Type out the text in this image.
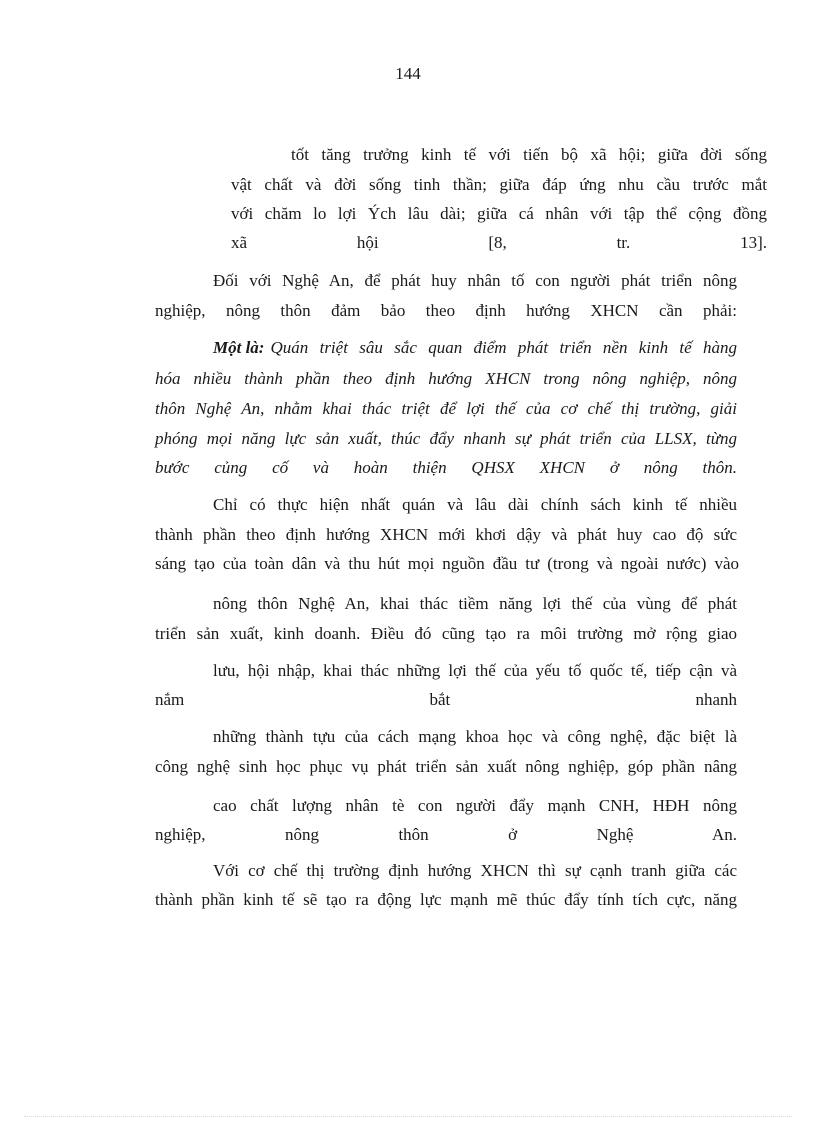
144
tốt tăng trưởng kinh tế với tiến bộ xã hội; giữa đời sống
vật chất và đời sống tinh thần; giữa đáp ứng nhu cầu trước mắt
với chăm lo lợi Ých lâu dài; giữa cá nhân với tập thể cộng đồng
xã hội [8, tr. 13].
Đối với Nghệ An, để phát huy nhân tố con người phát triển nông
nghiệp, nông thôn đảm bảo theo định hướng XHCN cần phải:
Một là: Quán triệt sâu sắc quan điểm phát triển nền kinh tế hàng
hóa nhiều thành phần theo định hướng XHCN trong nông nghiệp, nông
thôn Nghệ An, nhằm khai thác triệt để lợi thế của cơ chế thị trường, giải
phóng mọi năng lực sản xuất, thúc đẩy nhanh sự phát triển của LLSX, từng
bước củng cố và hoàn thiện QHSX XHCN ở nông thôn.
Chỉ có thực hiện nhất quán và lâu dài chính sách kinh tế nhiều
thành phần theo định hướng XHCN mới khơi dậy và phát huy cao độ sức
sáng tạo của toàn dân và thu hút mọi nguồn đầu tư (trong và ngoài nước) vào
nông thôn Nghệ An, khai thác tiềm năng lợi thế của vùng để phát
triển sản xuất, kinh doanh. Điều đó cũng tạo ra môi trường mở rộng giao
lưu, hội nhập, khai thác những lợi thế của yếu tố quốc tế, tiếp cận và
nắm bắt nhanh
những thành tựu của cách mạng khoa học và công nghệ, đặc biệt là
công nghệ sinh học phục vụ phát triển sản xuất nông nghiệp, góp phần nâng
cao chất lượng nhân tè con người đẩy mạnh CNH, HĐH nông
nghiệp, nông thôn ở Nghệ An.
Với cơ chế thị trường định hướng XHCN thì sự cạnh tranh giữa các
thành phần kinh tế sẽ tạo ra động lực mạnh mẽ thúc đẩy tính tích cực, năng
